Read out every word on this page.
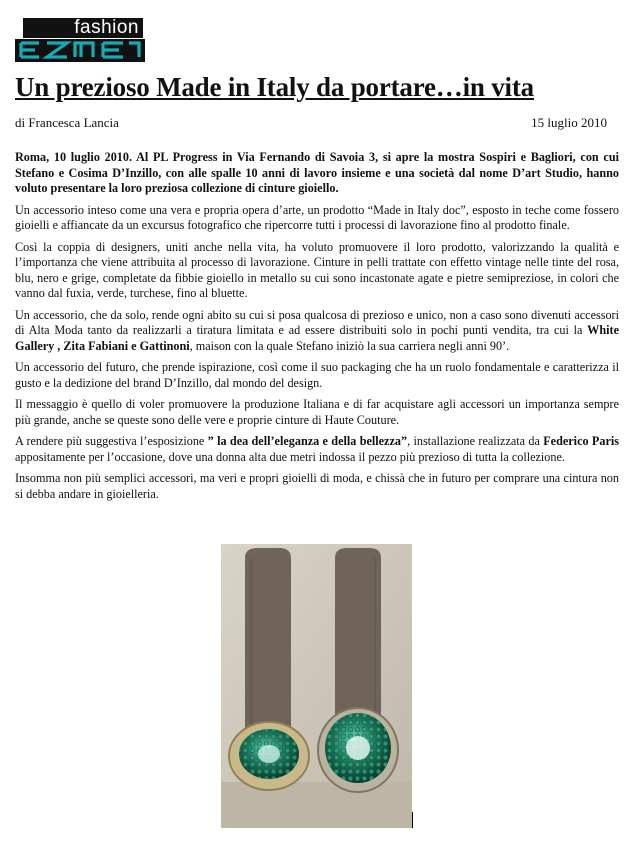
fashion
Un prezioso Made in Italy da portare…in vita
di Francesca Lancia	15 luglio 2010

Roma, 10 luglio 2010. Al PL Progress in Via Fernando di Savoia 3, si apre la mostra Sospiri e Bagliori, con cui Stefano e Cosima D’Inzillo, con alle spalle 10 anni di lavoro insieme e una società dal nome D’art Studio, hanno voluto presentare la loro preziosa collezione di cinture gioiello.

Un accessorio inteso come una vera e propria opera d’arte, un prodotto “Made in Italy doc”, esposto in teche come fossero gioielli e affiancate da un excursus fotografico che ripercorre tutti i processi di lavorazione fino al prodotto finale.

Così la coppia di designers, uniti anche nella vita, ha voluto promuovere il loro prodotto, valorizzando la qualità e l’importanza che viene attribuita al processo di lavorazione. Cinture in pelli trattate con effetto vintage nelle tinte del rosa, blu, nero e grige, completate da fibbie gioiello in metallo su cui sono incastonate agate e pietre semipreziose, in colori che vanno dal fuxia, verde, turchese, fino al bluette.

Un accessorio, che da solo, rende ogni abito su cui si posa qualcosa di prezioso e unico, non a caso sono divenuti accessori di Alta Moda tanto da realizzarli a tiratura limitata e ad essere distribuiti solo in pochi punti vendita, tra cui la White Gallery , Zita Fabiani e Gattinoni, maison con la quale Stefano iniziò la sua carriera negli anni 90’.

Un accessorio del futuro, che prende ispirazione, così come il suo packaging che ha un ruolo fondamentale e caratterizza il gusto e la dedizione del brand D’Inzillo, dal mondo del design.

Il messaggio è quello di voler promuovere la produzione Italiana e di far acquistare agli accessori un importanza sempre più grande, anche se queste sono delle vere e proprie cinture di Haute Couture.

A rendere più suggestiva l’esposizione ” la dea dell’eleganza e della bellezza”, installazione realizzata da Federico Paris appositamente per l’occasione, dove una donna alta due metri indossa il pezzo più prezioso di tutta la collezione.

Insomma non più semplici accessori, ma veri e propri gioielli di moda, e chissà che in futuro per comprare una cintura non si debba andare in gioielleria.
